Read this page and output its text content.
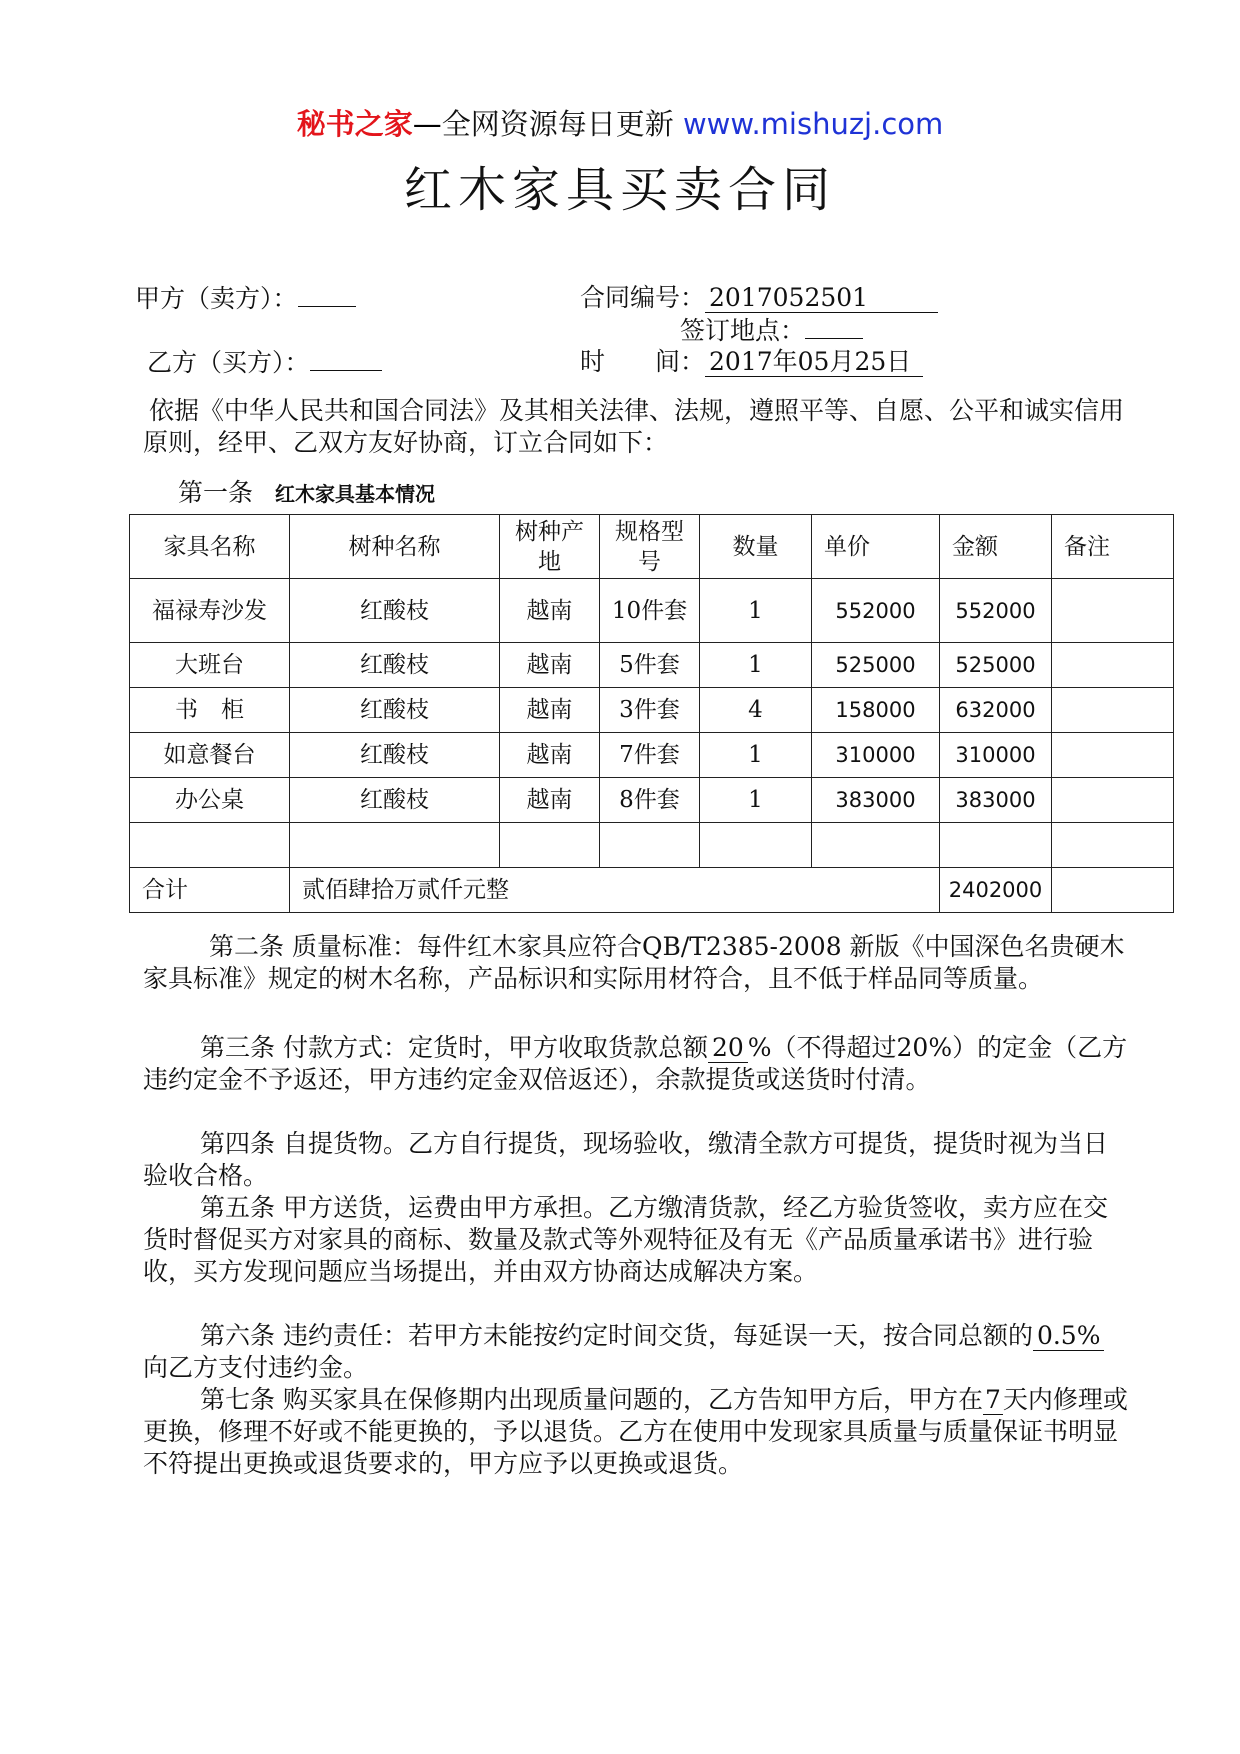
秘书之家—全网资源每日更新 www.mishuzj.com
红木家具买卖合同
甲方（卖方）：	合同编号： 2017052501
签订地点：
乙方（买方）：	时　　间： 2017年05月25日
依据《中华人民共和国合同法》及其相关法律、法规，遵照平等、自愿、公平和诚实信用原则，经甲、乙双方友好协商，订立合同如下：
第一条 红木家具基本情况
家具名称	树种名称	树种产地	规格型号	数量	单价	金额	备注
福禄寿沙发	红酸枝	越南	10件套	1	552000	552000	
大班台	红酸枝	越南	5件套	1	525000	525000	
书　柜	红酸枝	越南	3件套	4	158000	632000	
如意餐台	红酸枝	越南	7件套	1	310000	310000	
办公桌	红酸枝	越南	8件套	1	383000	383000	

合计	贰佰肆拾万贰仟元整					2402000	

第二条 质量标准：每件红木家具应符合QB/T2385-2008 新版《中国深色名贵硬木家具标准》规定的树木名称，产品标识和实际用材符合，且不低于样品同等质量。

第三条 付款方式：定货时，甲方收取货款总额 20 %（不得超过20%）的定金（乙方违约定金不予返还，甲方违约定金双倍返还），余款提货或送货时付清。

第四条 自提货物。乙方自行提货，现场验收，缴清全款方可提货，提货时视为当日验收合格。

第五条 甲方送货，运费由甲方承担。乙方缴清货款，经乙方验货签收，卖方应在交货时督促买方对家具的商标、数量及款式等外观特征及有无《产品质量承诺书》进行验收，买方发现问题应当场提出，并由双方协商达成解决方案。

第六条 违约责任：若甲方未能按约定时间交货，每延误一天，按合同总额的 0.5%向乙方支付违约金。

第七条 购买家具在保修期内出现质量问题的，乙方告知甲方后，甲方在7天内修理或更换，修理不好或不能更换的，予以退货。乙方在使用中发现家具质量与质量保证书明显不符提出更换或退货要求的，甲方应予以更换或退货。
